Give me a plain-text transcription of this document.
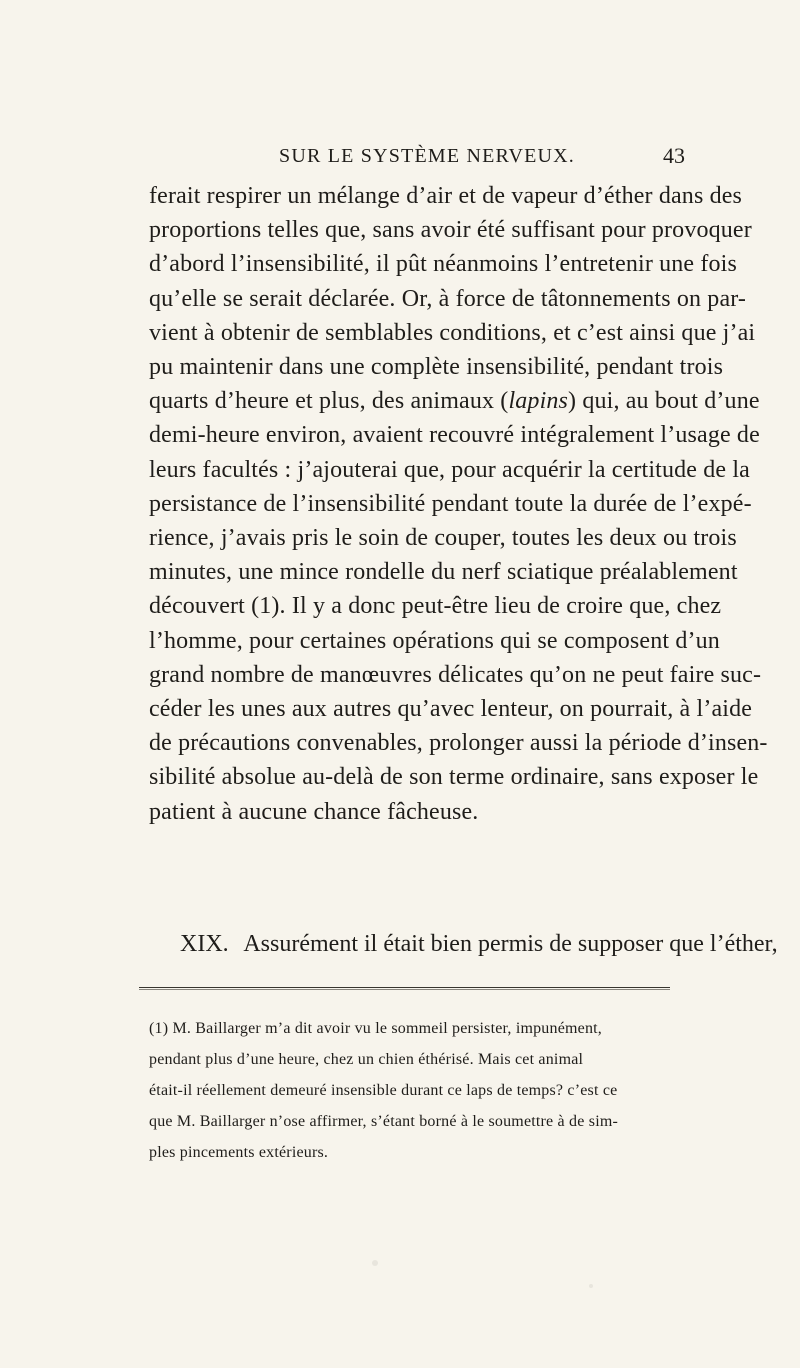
SUR LE SYSTÈME NERVEUX.	43
ferait respirer un mélange d’air et de vapeur d’éther dans des
proportions telles que, sans avoir été suffisant pour provoquer
d’abord l’insensibilité, il pût néanmoins l’entretenir une fois
qu’elle se serait déclarée. Or, à force de tâtonnements on par-
vient à obtenir de semblables conditions, et c’est ainsi que j’ai
pu maintenir dans une complète insensibilité, pendant trois
quarts d’heure et plus, des animaux (lapins) qui, au bout d’une
demi-heure environ, avaient recouvré intégralement l’usage de
leurs facultés : j’ajouterai que, pour acquérir la certitude de la
persistance de l’insensibilité pendant toute la durée de l’expé-
rience, j’avais pris le soin de couper, toutes les deux ou trois
minutes, une mince rondelle du nerf sciatique préalablement
découvert (1). Il y a donc peut-être lieu de croire que, chez
l’homme, pour certaines opérations qui se composent d’un
grand nombre de manœuvres délicates qu’on ne peut faire suc-
céder les unes aux autres qu’avec lenteur, on pourrait, à l’aide
de précautions convenables, prolonger aussi la période d’insen-
sibilité absolue au-delà de son terme ordinaire, sans exposer le
patient à aucune chance fâcheuse.
XIX. Assurément il était bien permis de supposer que l’éther,
(1) M. Baillarger m’a dit avoir vu le sommeil persister, impunément,
pendant plus d’une heure, chez un chien éthérisé. Mais cet animal
était-il réellement demeuré insensible durant ce laps de temps? c’est ce
que M. Baillarger n’ose affirmer, s’étant borné à le soumettre à de sim-
ples pincements extérieurs.
